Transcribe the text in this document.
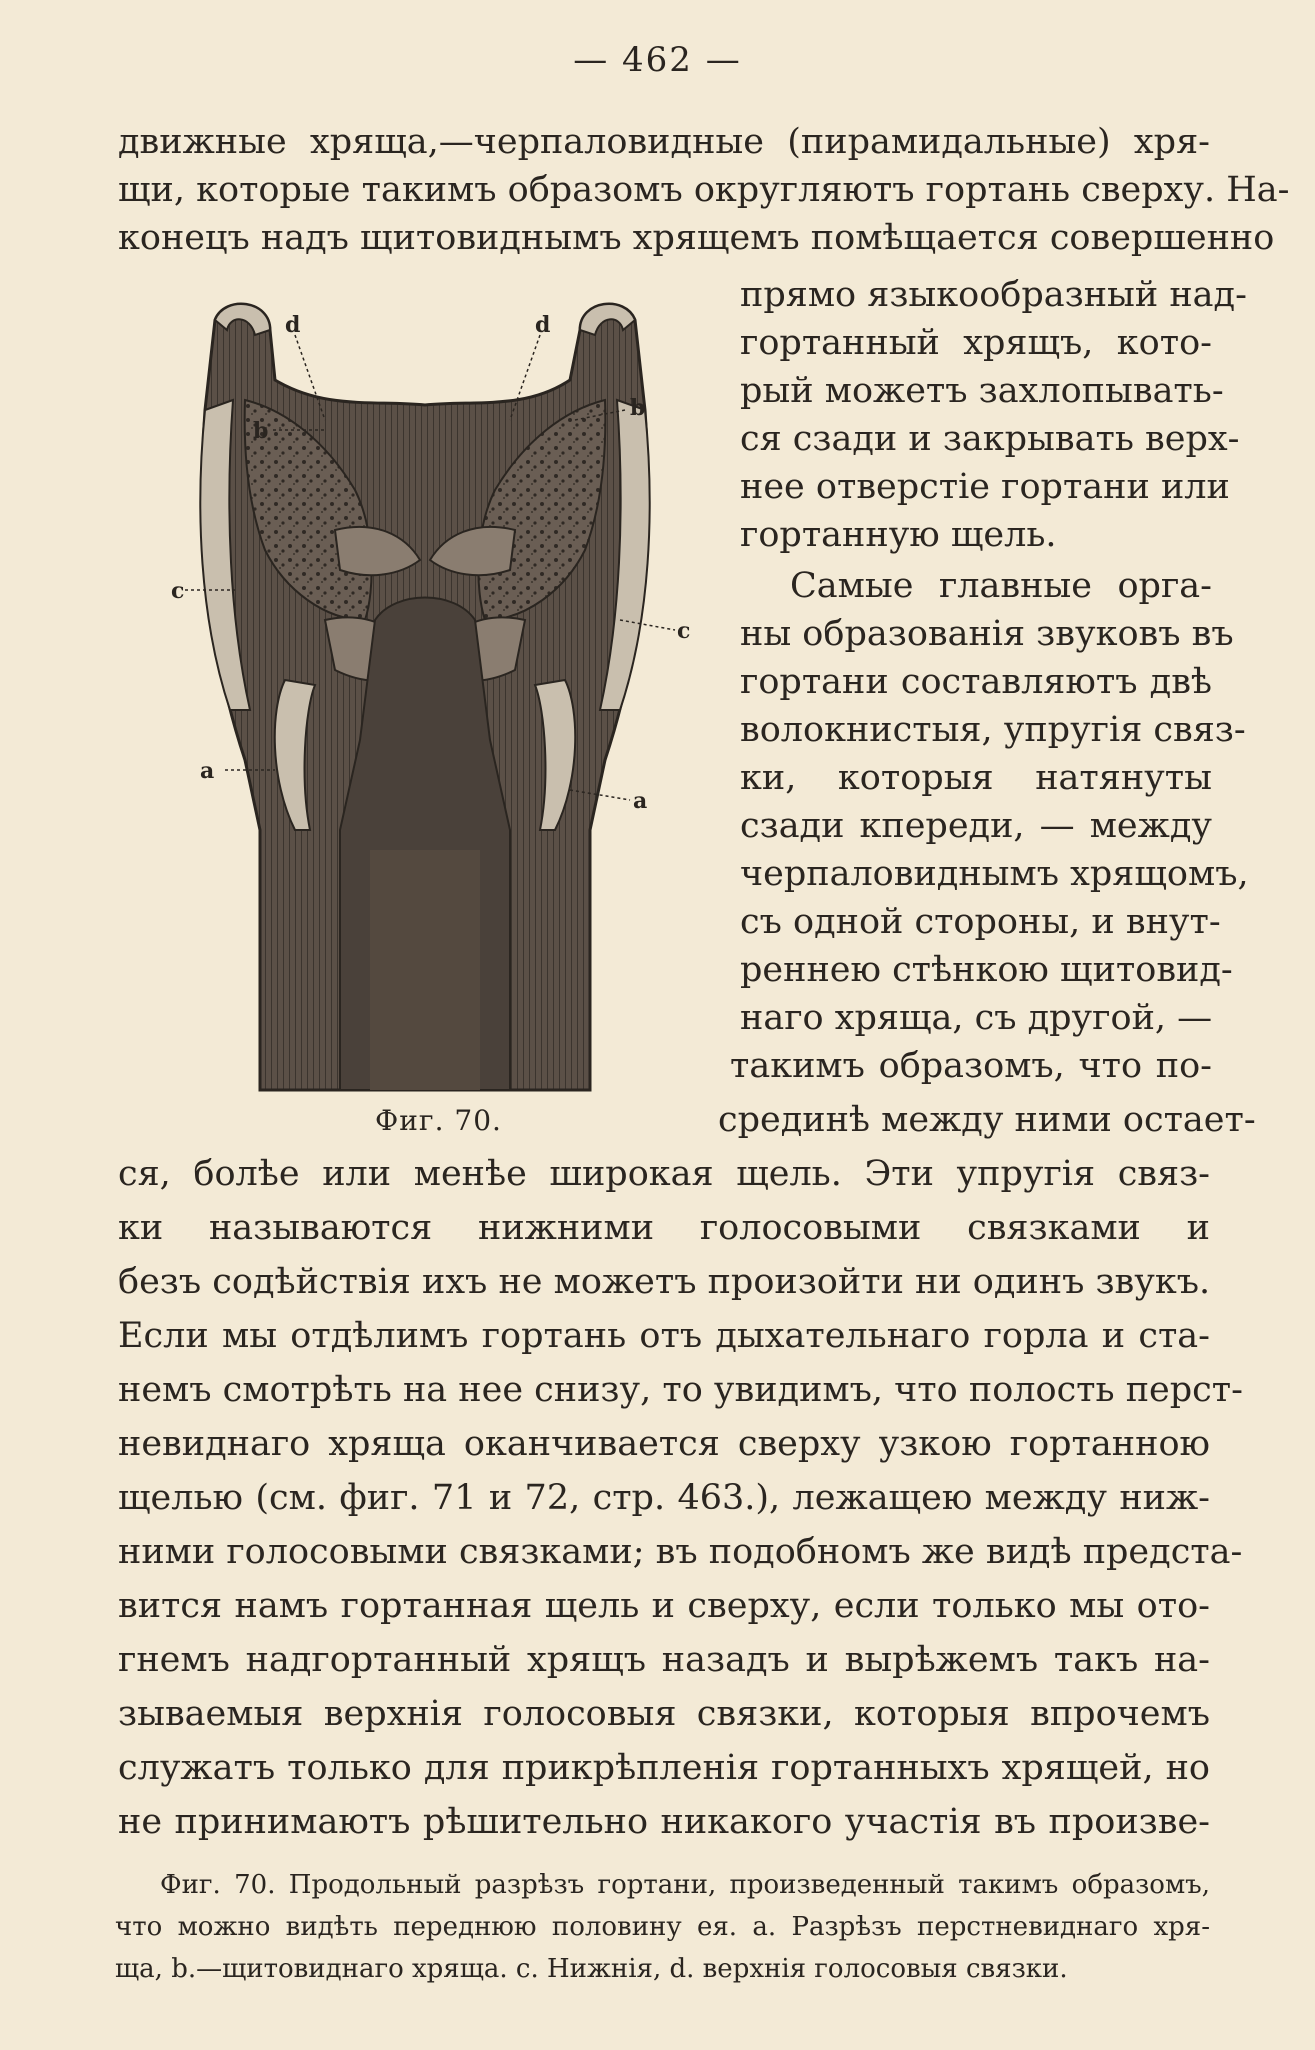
— 462 —
движные хряща,—черпаловидные (пирамидальные) хря-
щи, которые такимъ образомъ округляютъ гортань сверху. На-
конецъ надъ щитовиднымъ хрящемъ помѣщается совершенно
прямо языкообразный над-
гортанный хрящъ, кото-
рый можетъ захлопывать-
ся сзади и закрывать верх-
нее отверстіе гортани или
гортанную щель.
Самые главные орга-
ны образованія звуковъ въ
гортани составляютъ двѣ
волокнистыя, упругія связ-
ки, которыя натянуты
сзади кпереди, — между
черпаловиднымъ хрящомъ,
съ одной стороны, и внут-
реннею стѣнкою щитовид-
наго хряща, съ другой, —
такимъ образомъ, что по-
срединѣ между ними остает-
b
b
c
c
a
a
d	d
Фиг. 70.
ся, болѣе или менѣе широкая щель. Эти упругія связ-
ки называются нижними голосовыми связками и
безъ содѣйствія ихъ не можетъ произойти ни одинъ звукъ.
Если мы отдѣлимъ гортань отъ дыхательнаго горла и ста-
немъ смотрѣть на нее снизу, то увидимъ, что полость перст-
невиднаго хряща оканчивается сверху узкою гортанною
щелью (см. фиг. 71 и 72, стр. 463.), лежащею между ниж-
ними голосовыми связками; въ подобномъ же видѣ предста-
вится намъ гортанная щель и сверху, если только мы ото-
гнемъ надгортанный хрящъ назадъ и вырѣжемъ такъ на-
зываемыя верхнія голосовыя связки, которыя впрочемъ
служатъ только для прикрѣпленія гортанныхъ хрящей, но
не принимаютъ рѣшительно никакого участія въ произве-
Фиг. 70. Продольный разрѣзъ гортани, произведенный такимъ образомъ,
что можно видѣть переднюю половину ея. a. Разрѣзъ перстневиднаго хря-
ща, b.—щитовиднаго хряща. c. Нижнія, d. верхнія голосовыя связки.
